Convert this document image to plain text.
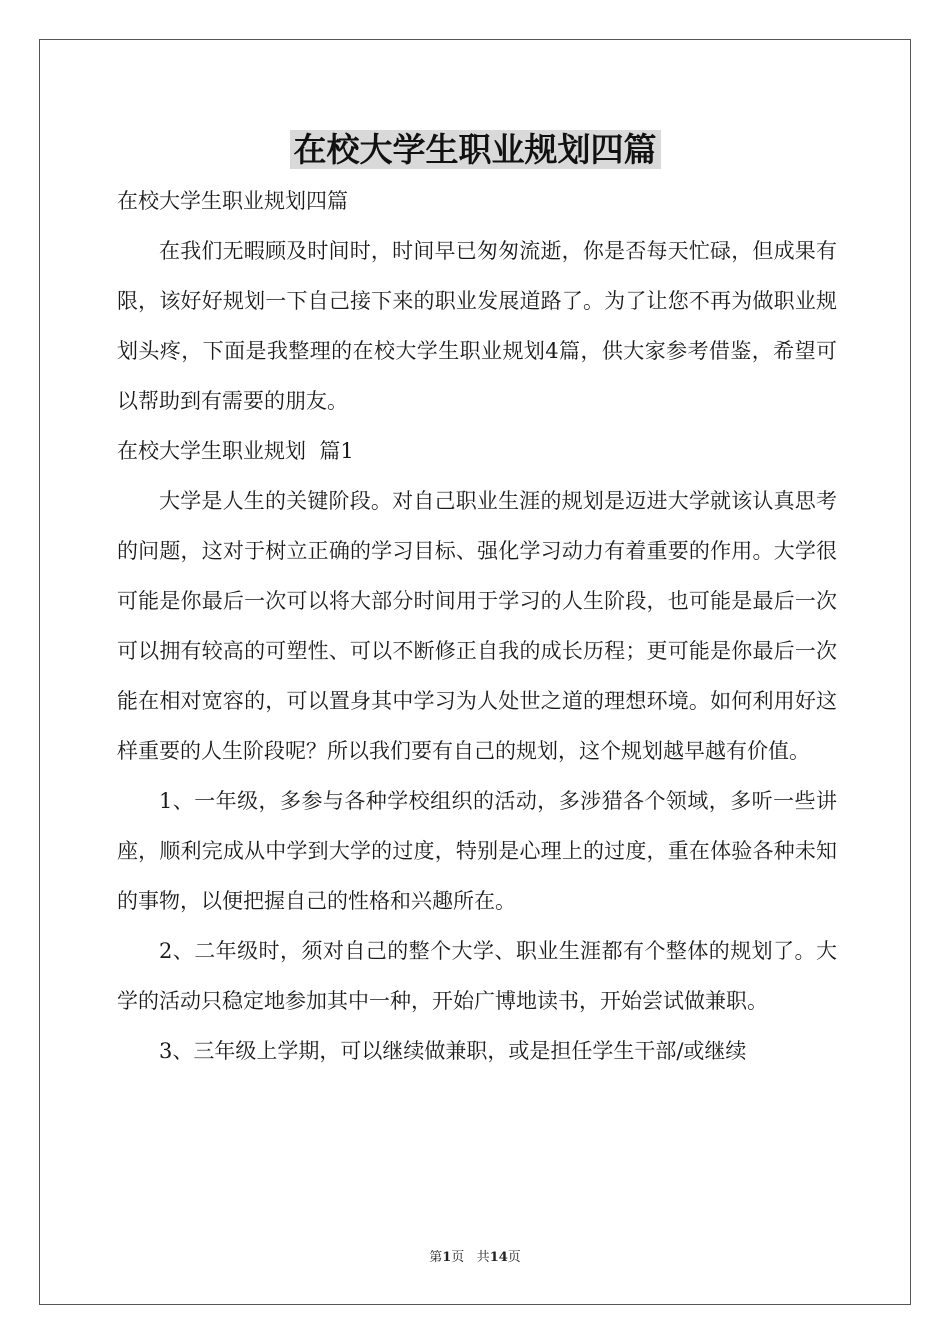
在校大学生职业规划四篇

在校大学生职业规划四篇

在我们无暇顾及时间时，时间早已匆匆流逝，你是否每天忙碌，但成果有限，该好好规划一下自己接下来的职业发展道路了。为了让您不再为做职业规划头疼，下面是我整理的在校大学生职业规划4篇，供大家参考借鉴，希望可以帮助到有需要的朋友。

在校大学生职业规划  篇1

大学是人生的关键阶段。对自己职业生涯的规划是迈进大学就该认真思考的问题，这对于树立正确的学习目标、强化学习动力有着重要的作用。大学很可能是你最后一次可以将大部分时间用于学习的人生阶段，也可能是最后一次可以拥有较高的可塑性、可以不断修正自我的成长历程；更可能是你最后一次能在相对宽容的，可以置身其中学习为人处世之道的理想环境。如何利用好这样重要的人生阶段呢？所以我们要有自己的规划，这个规划越早越有价值。

1、一年级，多参与各种学校组织的活动，多涉猎各个领域，多听一些讲座，顺利完成从中学到大学的过度，特别是心理上的过度，重在体验各种未知的事物，以便把握自己的性格和兴趣所在。

2、二年级时，须对自己的整个大学、职业生涯都有个整体的规划了。大学的活动只稳定地参加其中一种，开始广博地读书，开始尝试做兼职。

3、三年级上学期，可以继续做兼职，或是担任学生干部/或继续

第1页 共14页
